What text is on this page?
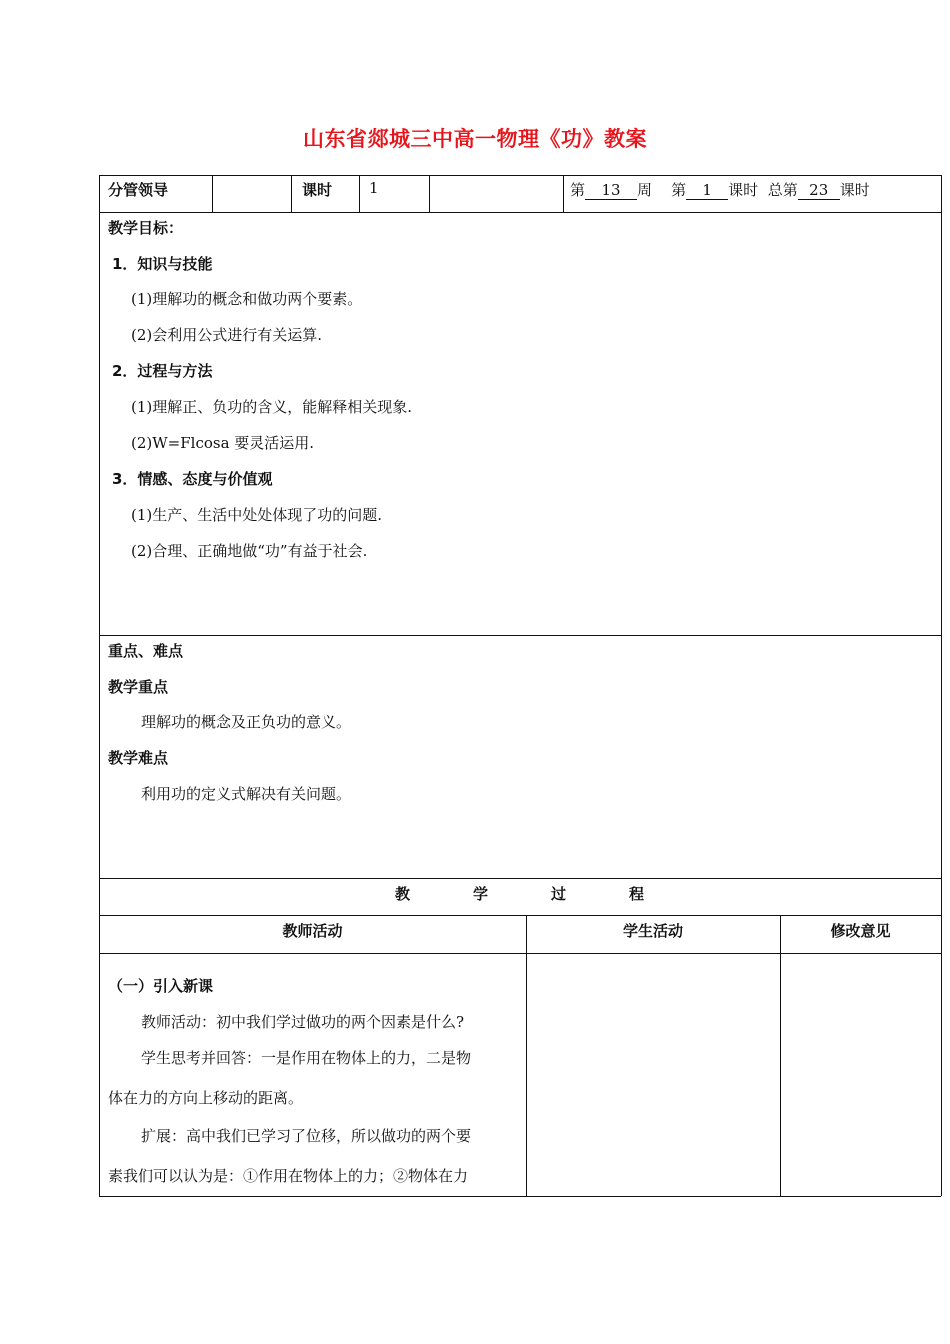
山东省郯城三中高一物理《功》教案
分管领导	课时 1	第 13 周 第 1 课时 总第 23 课时
教学目标：
1．知识与技能
(1)理解功的概念和做功两个要素。
(2)会利用公式进行有关运算.
2．过程与方法
(1)理解正、负功的含义，能解释相关现象.
(2)W=Flcosa 要灵活运用.
3．情感、态度与价值观
(1)生产、生活中处处体现了功的问题.
(2)合理、正确地做“功”有益于社会.
重点、难点
教学重点
理解功的概念及正负功的意义。
教学难点
利用功的定义式解决有关问题。
教	学	过	程
教师活动	学生活动	修改意见
（一）引入新课
教师活动：初中我们学过做功的两个因素是什么?
学生思考并回答：一是作用在物体上的力，二是物
体在力的方向上移动的距离。
扩展：高中我们已学习了位移，所以做功的两个要
素我们可以认为是：①作用在物体上的力；②物体在力
